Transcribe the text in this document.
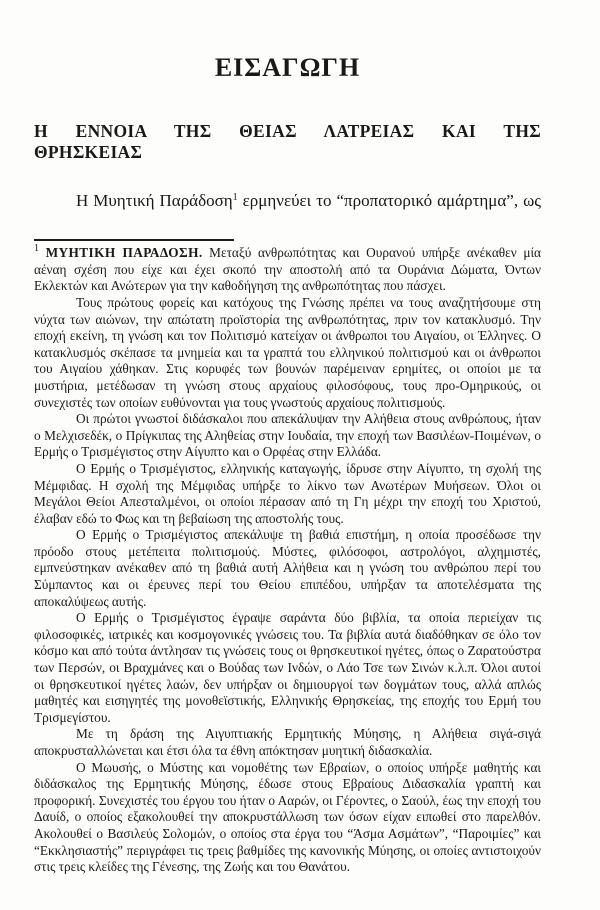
ΕΙΣΑΓΩΓΗ
Η ΕΝΝΟΙΑ ΤΗΣ ΘΕΙΑΣ ΛΑΤΡΕΙΑΣ ΚΑΙ ΤΗΣ
ΘΡΗΣΚΕΙΑΣ

Η Μυητική Παράδοση$^1$ ερμηνεύει το “προπατορικό αμάρτημα”, ως

$^1$ ΜΥΗΤΙΚΗ ΠΑΡΑΔΟΣΗ. Μεταξύ ανθρωπότητας και Ουρανού υπήρξε ανέκαθεν μία αέναη σχέση που είχε και έχει σκοπό την αποστολή από τα Ουράνια Δώματα, Όντων Εκλεκτών και Ανώτερων για την καθοδήγηση της ανθρωπότητας που πάσχει.

Τους πρώτους φορείς και κατόχους της Γνώσης πρέπει να τους αναζητήσουμε στη νύχτα των αιώνων, την απώτατη προϊστορία της ανθρωπότητας, πριν τον κατακλυσμό. Την εποχή εκείνη, τη γνώση και τον Πολιτισμό κατείχαν οι άνθρωποι του Αιγαίου, οι Έλληνες. Ο κατακλυσμός σκέπασε τα μνημεία και τα γραπτά του ελληνικού πολιτισμού και οι άνθρωποι του Αιγαίου χάθηκαν. Στις κορυφές των βουνών παρέμειναν ερημίτες, οι οποίοι με τα μυστήρια, μετέδωσαν τη γνώση στους αρχαίους φιλοσόφους, τους προ-Ομηρικούς, οι συνεχιστές των οποίων ευθύνονται για τους γνωστούς αρχαίους πολιτισμούς.

Οι πρώτοι γνωστοί διδάσκαλοι που απεκάλυψαν την Αλήθεια στους ανθρώπους, ήταν ο Μελχισεδέκ, ο Πρίγκιπας της Αληθείας στην Ιουδαία, την εποχή των Βασιλέων-Ποιμένων, ο Ερμής ο Τρισμέγιστος στην Αίγυπτο και ο Ορφέας στην Ελλάδα.

Ο Ερμής ο Τρισμέγιστος, ελληνικής καταγωγής, ίδρυσε στην Αίγυπτο, τη σχολή της Μέμφιδας. Η σχολή της Μέμφιδας υπήρξε το λίκνο των Ανωτέρων Μυήσεων. Όλοι οι Μεγάλοι Θείοι Απεσταλμένοι, οι οποίοι πέρασαν από τη Γη μέχρι την εποχή του Χριστού, έλαβαν εδώ το Φως και τη βεβαίωση της αποστολής τους.

Ο Ερμής ο Τρισμέγιστος απεκάλυψε τη βαθιά επιστήμη, η οποία προσέδωσε την πρόοδο στους μετέπειτα πολιτισμούς. Μύστες, φιλόσοφοι, αστρολόγοι, αλχημιστές, εμπνεύστηκαν ανέκαθεν από τη βαθιά αυτή Αλήθεια και η γνώση του ανθρώπου περί του Σύμπαντος και οι έρευνες περί του Θείου επιπέδου, υπήρξαν τα αποτελέσματα της αποκαλύψεως αυτής.

Ο Ερμής ο Τρισμέγιστος έγραψε σαράντα δύο βιβλία, τα οποία περιείχαν τις φιλοσοφικές, ιατρικές και κοσμογονικές γνώσεις του. Τα βιβλία αυτά διαδόθηκαν σε όλο τον κόσμο και από τούτα άντλησαν τις γνώσεις τους οι θρησκευτικοί ηγέτες, όπως ο Ζαρατούστρα των Περσών, οι Βραχμάνες και ο Βούδας των Ινδών, ο Λάο Τσε των Σινών κ.λ.π. Όλοι αυτοί οι θρησκευτικοί ηγέτες λαών, δεν υπήρξαν οι δημιουργοί των δογμάτων τους, αλλά απλώς μαθητές και εισηγητές της μονοθεϊστικής, Ελληνικής Θρησκείας, της εποχής του Ερμή του Τρισμεγίστου.

Με τη δράση της Αιγυπτιακής Ερμητικής Μύησης, η Αλήθεια σιγά-σιγά αποκρυσταλλώνεται και έτσι όλα τα έθνη απόκτησαν μυητική διδασκαλία.

Ο Μωυσής, ο Μύστης και νομοθέτης των Εβραίων, ο οποίος υπήρξε μαθητής και διδάσκαλος της Ερμητικής Μύησης, έδωσε στους Εβραίους Διδασκαλία γραπτή και προφορική. Συνεχιστές του έργου του ήταν ο Ααρών, οι Γέροντες, ο Σαούλ, έως την εποχή του Δαυίδ, ο οποίος εξακολουθεί την αποκρυστάλλωση των όσων είχαν ειπωθεί στο παρελθόν. Ακολουθεί ο Βασιλεύς Σολομών, ο οποίος στα έργα του “Άσμα Ασμάτων”, “Παροιμίες” και “Εκκλησιαστής” περιγράφει τις τρεις βαθμίδες της κανονικής Μύησης, οι οποίες αντιστοιχούν στις τρεις κλείδες της Γένεσης, της Ζωής και του Θανάτου.
